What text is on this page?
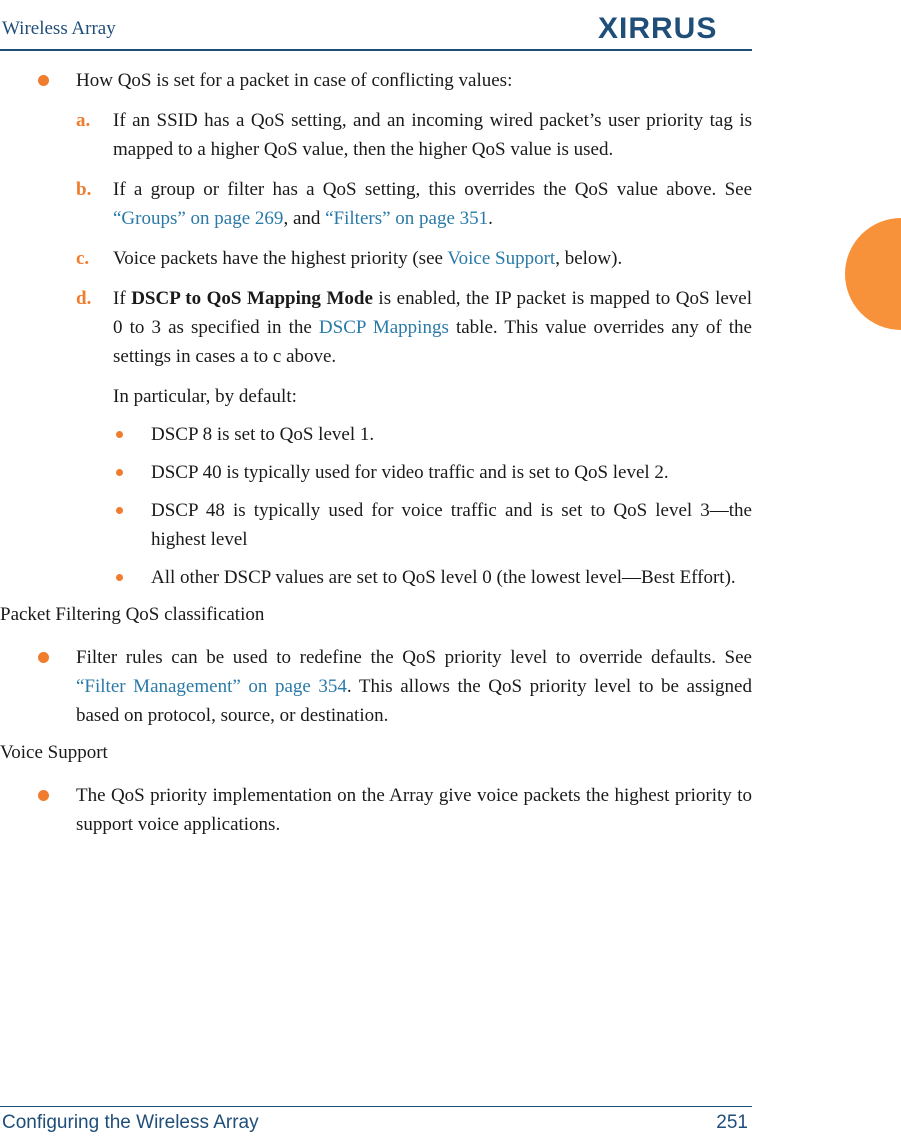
Wireless Array	XIRRUS
How QoS is set for a packet in case of conflicting values:
a. If an SSID has a QoS setting, and an incoming wired packet’s user priority tag is mapped to a higher QoS value, then the higher QoS value is used.
b. If a group or filter has a QoS setting, this overrides the QoS value above. See “Groups” on page 269, and “Filters” on page 351.
c. Voice packets have the highest priority (see Voice Support, below).
d. If DSCP to QoS Mapping Mode is enabled, the IP packet is mapped to QoS level 0 to 3 as specified in the DSCP Mappings table. This value overrides any of the settings in cases a to c above.
In particular, by default:
DSCP 8 is set to QoS level 1.
DSCP 40 is typically used for video traffic and is set to QoS level 2.
DSCP 48 is typically used for voice traffic and is set to QoS level 3—the highest level
All other DSCP values are set to QoS level 0 (the lowest level—Best Effort).
Packet Filtering QoS classification
Filter rules can be used to redefine the QoS priority level to override defaults. See “Filter Management” on page 354. This allows the QoS priority level to be assigned based on protocol, source, or destination.
Voice Support
The QoS priority implementation on the Array give voice packets the highest priority to support voice applications.
Configuring the Wireless Array	251
